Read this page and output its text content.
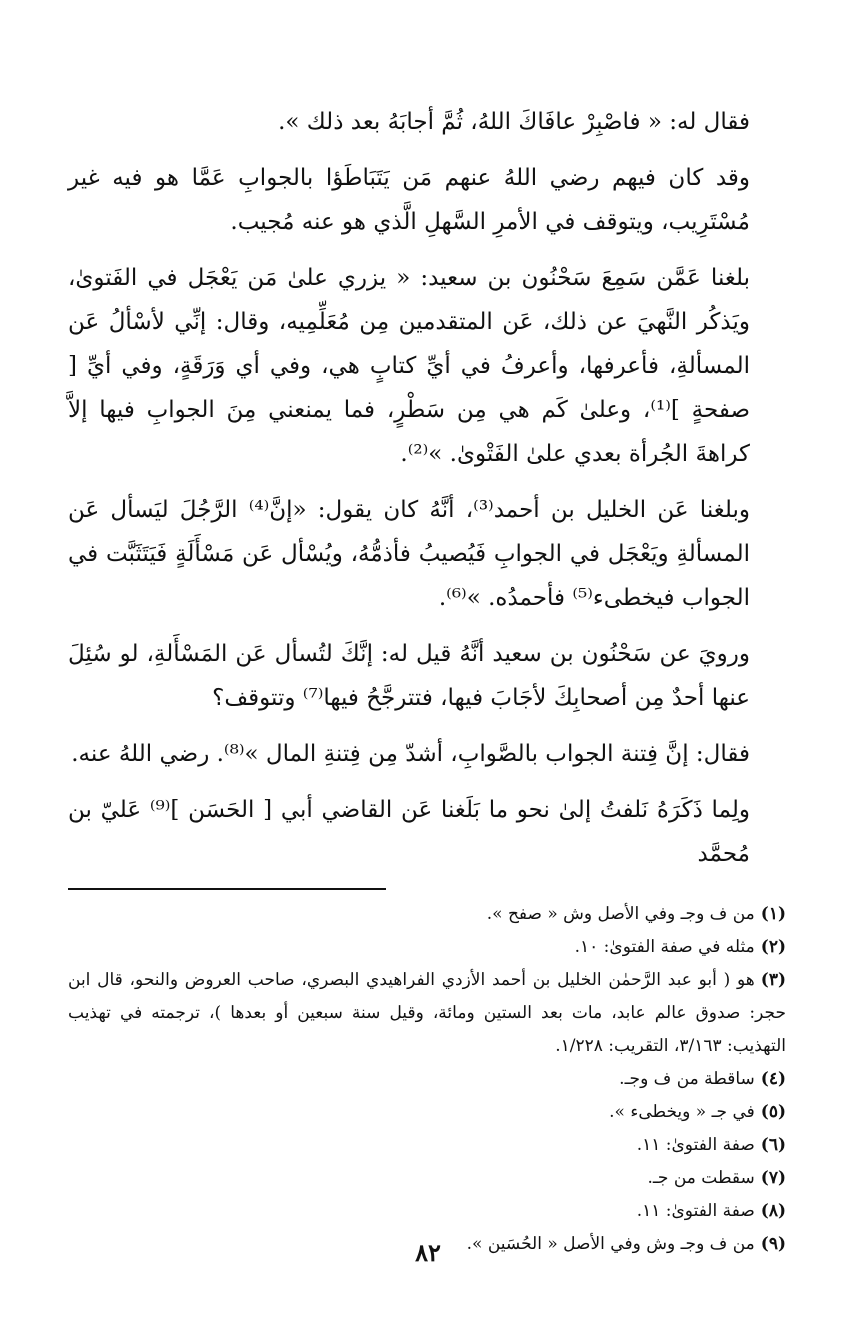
فقال له: « فاصْبِرْ عافَاكَ اللهُ، ثُمَّ أجابَهُ بعد ذلك ».

وقد كان فيهم رضي اللهُ عنهم مَن يَتَبَاطَؤا بالجوابِ عَمَّا هو فيه غير مُسْتَرِيب، ويتوقف في الأمرِ السَّهلِ الَّذي هو عنه مُجيب.

بلغنا عَمَّن سَمِعَ سَحْنُون بن سعيد: « يزري علىٰ مَن يَعْجَل في الفَتوىٰ، ويَذكُر النَّهيَ عن ذلك، عَن المتقدمين مِن مُعَلِّمِيه، وقال: إنِّي لأسْألُ عَن المسألةِ، فأعرفها، وأعرفُ في أيِّ كتابٍ هي، وفي أي وَرَقَةٍ، وفي أيِّ [ صفحةٍ ]⁽¹⁾، وعلىٰ كَم هي مِن سَطْرٍ، فما يمنعني مِنَ الجوابِ فيها إلاَّ كراهةَ الجُرأة بعدي علىٰ الفَتْوىٰ. »⁽²⁾.

وبلغنا عَن الخليل بن أحمد⁽³⁾، أنَّهُ كان يقول: «إنَّ⁽⁴⁾ الرَّجُلَ ليَسأل عَن المسألةِ ويَعْجَل في الجوابِ فَيُصيبُ فأذمُّهُ، ويُسْأل عَن مَسْأَلَةٍ فَيَتَثَبَّت في الجواب فيخطىء⁽⁵⁾ فأحمدُه. »⁽⁶⁾.

ورويَ عن سَحْنُون بن سعيد أنَّهُ قيل له: إنَّكَ لتُسأل عَن المَسْأَلةِ، لو سُئِلَ عنها أحدٌ مِن أصحابِكَ لأجَابَ فيها، فتترجَّحُ فيها⁽⁷⁾ وتتوقف؟

فقال: إنَّ فِتنة الجواب بالصَّوابِ، أشدّ مِن فِتنةِ المال »⁽⁸⁾. رضي اللهُ عنه.

ولِما ذَكَرَهُ نَلفتُ إلىٰ نحو ما بَلَغنا عَن القاضي أبي [ الحَسَن ]⁽⁹⁾ عَليّ بن مُحمَّد

(١)من ف وجـ وفي الأصل وش « صفح ».

(٢)مثله في صفة الفتوىٰ: ١٠.

(٣)هو ( أبو عبد الرَّحمٰن الخليل بن أحمد الأزدي الفراهيدي البصري، صاحب العروض والنحو، قال ابن حجر: صدوق عالم عابد، مات بعد الستين ومائة، وقيل سنة سبعين أو بعدها )، ترجمته في تهذيب التهذيب: ٣/١٦٣، التقريب: ١/٢٢٨.

(٤)ساقطة من ف وجـ.

(٥)في جـ « ويخطىء ».

(٦)صفة الفتوىٰ: ١١.

(٧)سقطت من جـ.

(٨)صفة الفتوىٰ: ١١.

(٩)من ف وجـ وش وفي الأصل « الحُسَين ».

٨٢
